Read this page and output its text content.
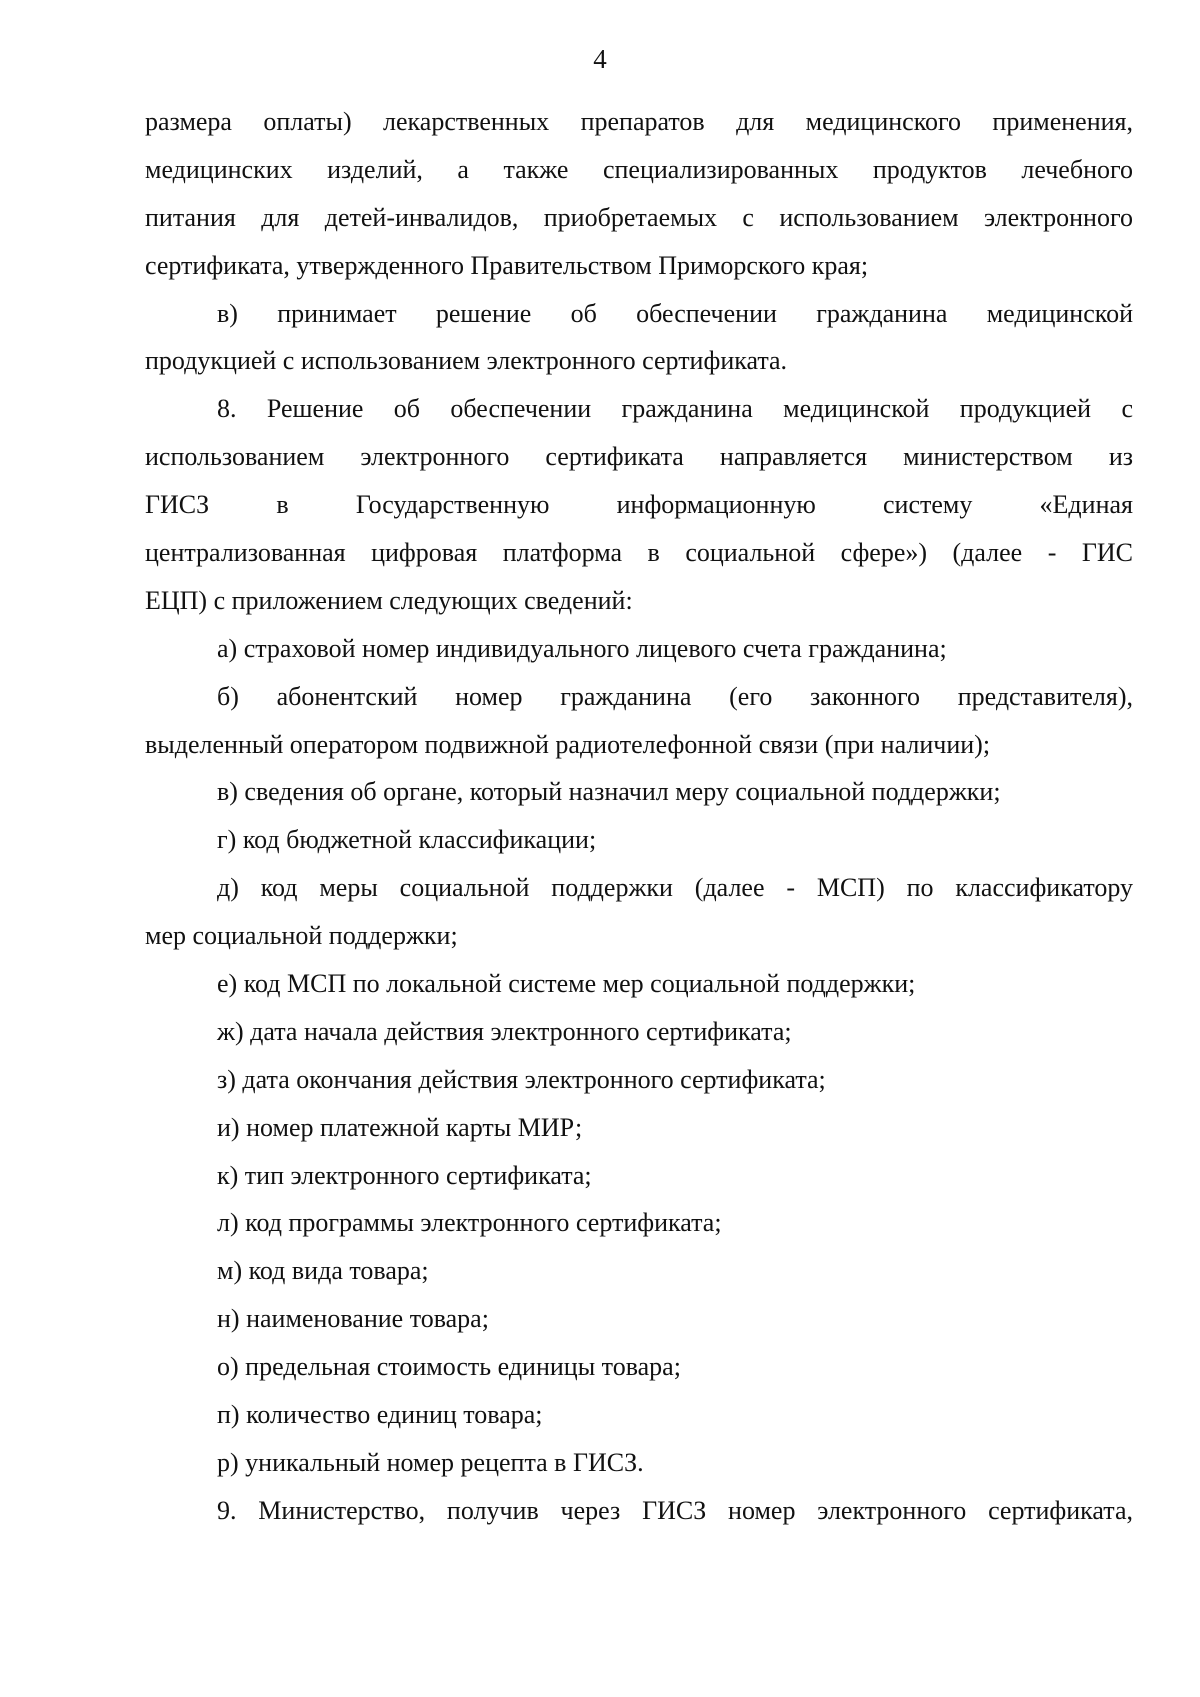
4
размера оплаты) лекарственных препаратов для медицинского применения,
медицинских изделий, а также специализированных продуктов лечебного
питания для детей-инвалидов, приобретаемых с использованием электронного
сертификата, утвержденного Правительством Приморского края;
в) принимает решение об обеспечении гражданина медицинской
продукцией с использованием электронного сертификата.
8. Решение об обеспечении гражданина медицинской продукцией с
использованием электронного сертификата направляется министерством из
ГИСЗ в Государственную информационную систему «Единая
централизованная цифровая платформа в социальной сфере») (далее - ГИС
ЕЦП) с приложением следующих сведений:
а) страховой номер индивидуального лицевого счета гражданина;
б) абонентский номер гражданина (его законного представителя),
выделенный оператором подвижной радиотелефонной связи (при наличии);
в) сведения об органе, который назначил меру социальной поддержки;
г) код бюджетной классификации;
д) код меры социальной поддержки (далее - МСП) по классификатору
мер социальной поддержки;
е) код МСП по локальной системе мер социальной поддержки;
ж) дата начала действия электронного сертификата;
з) дата окончания действия электронного сертификата;
и) номер платежной карты МИР;
к) тип электронного сертификата;
л) код программы электронного сертификата;
м) код вида товара;
н) наименование товара;
о) предельная стоимость единицы товара;
п) количество единиц товара;
р) уникальный номер рецепта в ГИСЗ.
9. Министерство, получив через ГИСЗ номер электронного сертификата,
